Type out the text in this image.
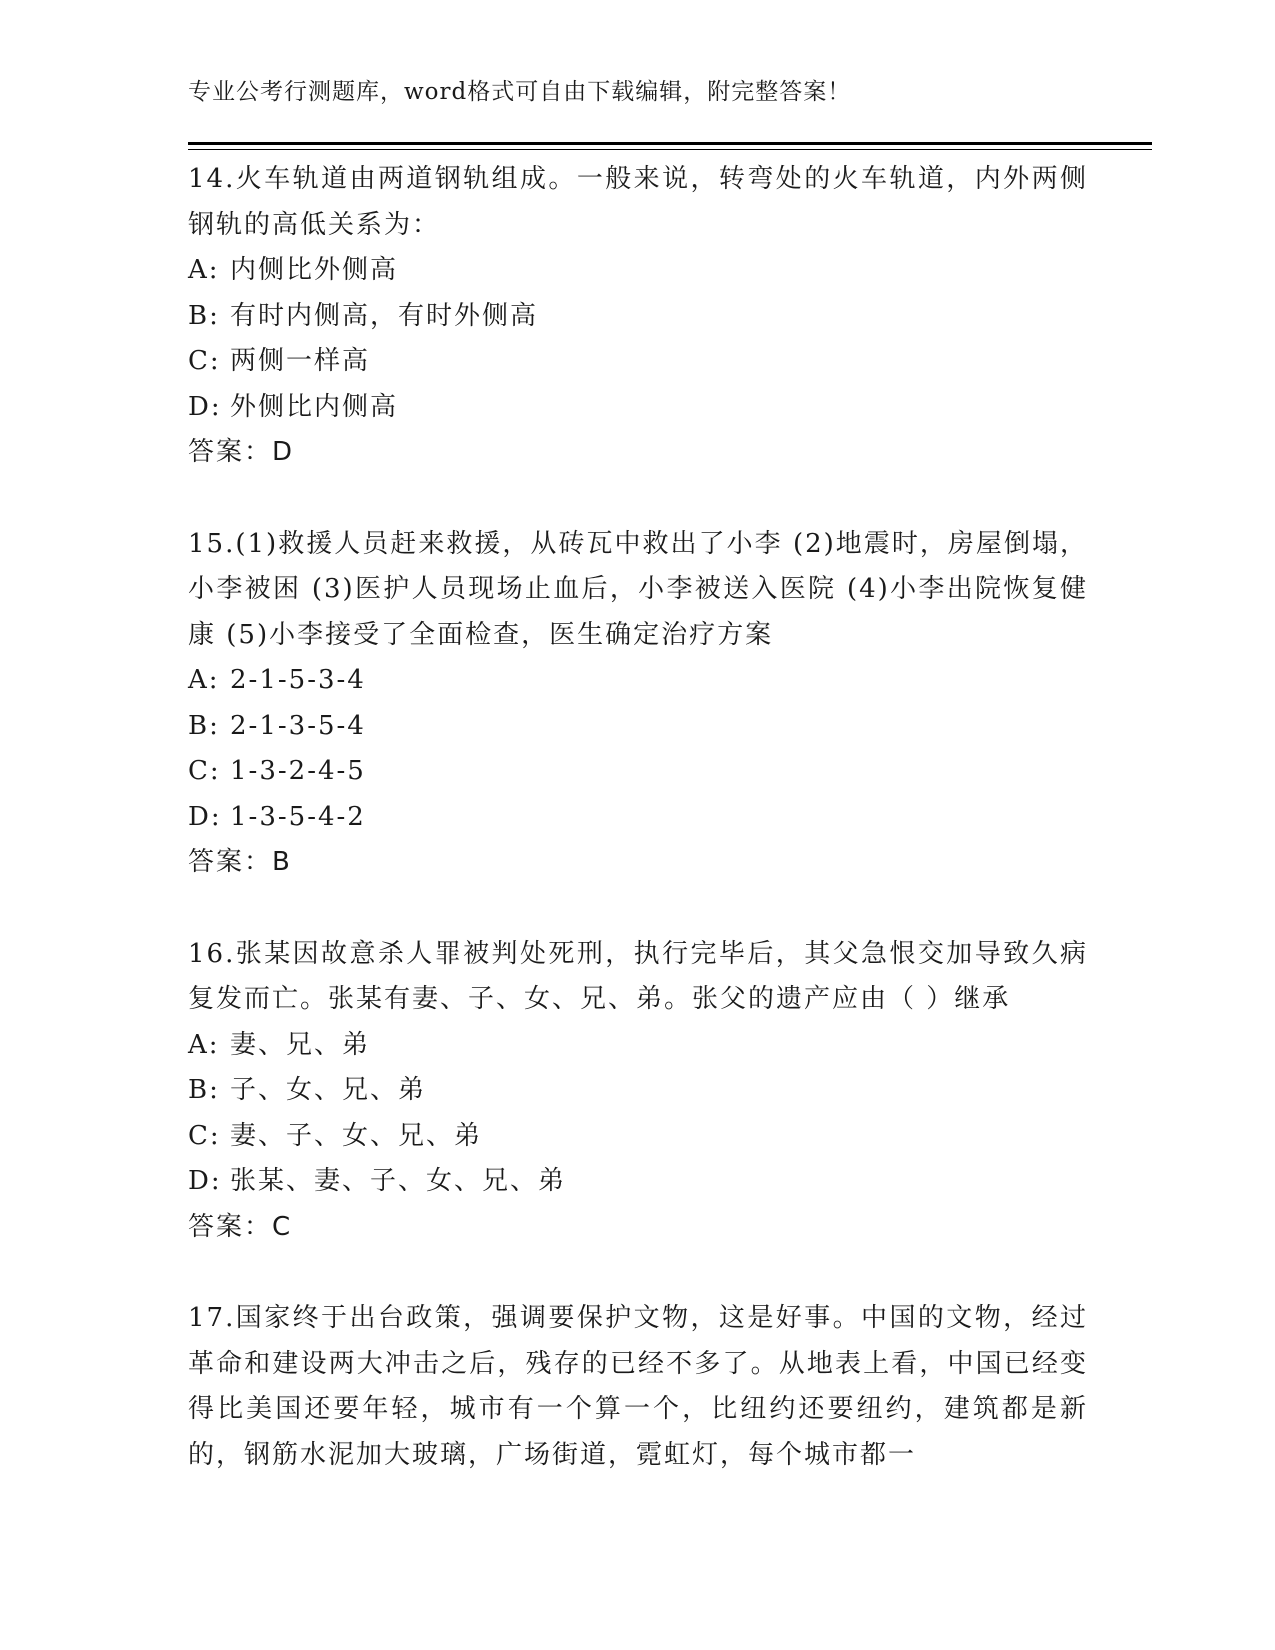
专业公考行测题库，word格式可自由下载编辑，附完整答案！

14.火车轨道由两道钢轨组成。一般来说，转弯处的火车轨道，内外两侧钢轨的高低关系为：

A: 内侧比外侧高

B: 有时内侧高，有时外侧高

C: 两侧一样高

D: 外侧比内侧高

答案：D

15.(1)救援人员赶来救援，从砖瓦中救出了小李 (2)地震时，房屋倒塌，小李被困 (3)医护人员现场止血后，小李被送入医院 (4)小李出院恢复健康 (5)小李接受了全面检查，医生确定治疗方案

A: 2-1-5-3-4

B: 2-1-3-5-4

C: 1-3-2-4-5

D: 1-3-5-4-2

答案：B

16.张某因故意杀人罪被判处死刑，执行完毕后，其父急恨交加导致久病复发而亡。张某有妻、子、女、兄、弟。张父的遗产应由（ ）继承

A: 妻、兄、弟

B: 子、女、兄、弟

C: 妻、子、女、兄、弟

D: 张某、妻、子、女、兄、弟

答案：C

17.国家终于出台政策，强调要保护文物，这是好事。中国的文物，经过革命和建设两大冲击之后，残存的已经不多了。从地表上看，中国已经变得比美国还要年轻，城市有一个算一个，比纽约还要纽约，建筑都是新的，钢筋水泥加大玻璃，广场街道，霓虹灯，每个城市都一
